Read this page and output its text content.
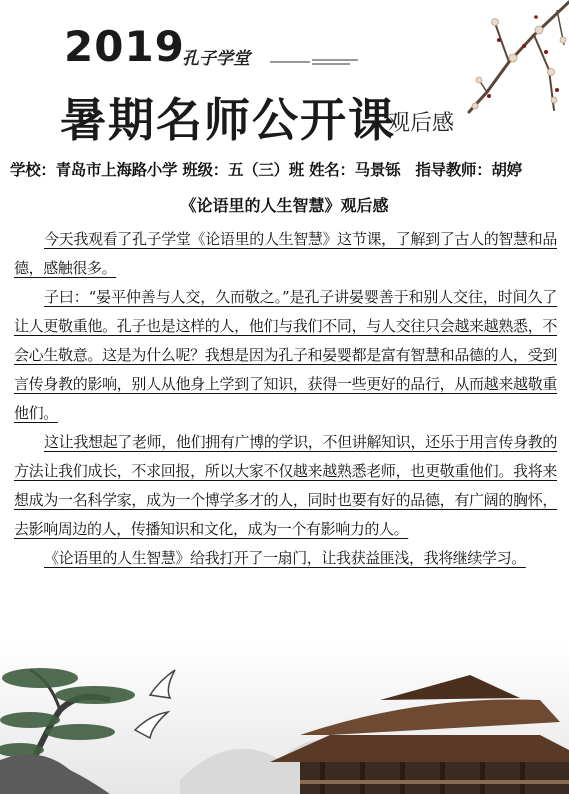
2019
孔子学堂
暑期名师公开课
观后感
学校：青岛市上海路小学 班级：五（三）班 姓名：马景铄 指导教师：胡婷
《论语里的人生智慧》观后感

今天我观看了孔子学堂《论语里的人生智慧》这节课，了解到了古人的智慧和品德，感触很多。

子曰：“晏平仲善与人交，久而敬之。”是孔子讲晏婴善于和别人交往，时间久了让人更敬重他。孔子也是这样的人，他们与我们不同，与人交往只会越来越熟悉，不会心生敬意。这是为什么呢？我想是因为孔子和晏婴都是富有智慧和品德的人，受到言传身教的影响，别人从他身上学到了知识，获得一些更好的品行，从而越来越敬重他们。

这让我想起了老师，他们拥有广博的学识，不但讲解知识，还乐于用言传身教的方法让我们成长，不求回报，所以大家不仅越来越熟悉老师，也更敬重他们。我将来想成为一名科学家，成为一个博学多才的人，同时也要有好的品德，有广阔的胸怀，去影响周边的人，传播知识和文化，成为一个有影响力的人。

《论语里的人生智慧》给我打开了一扇门，让我获益匪浅，我将继续学习。
